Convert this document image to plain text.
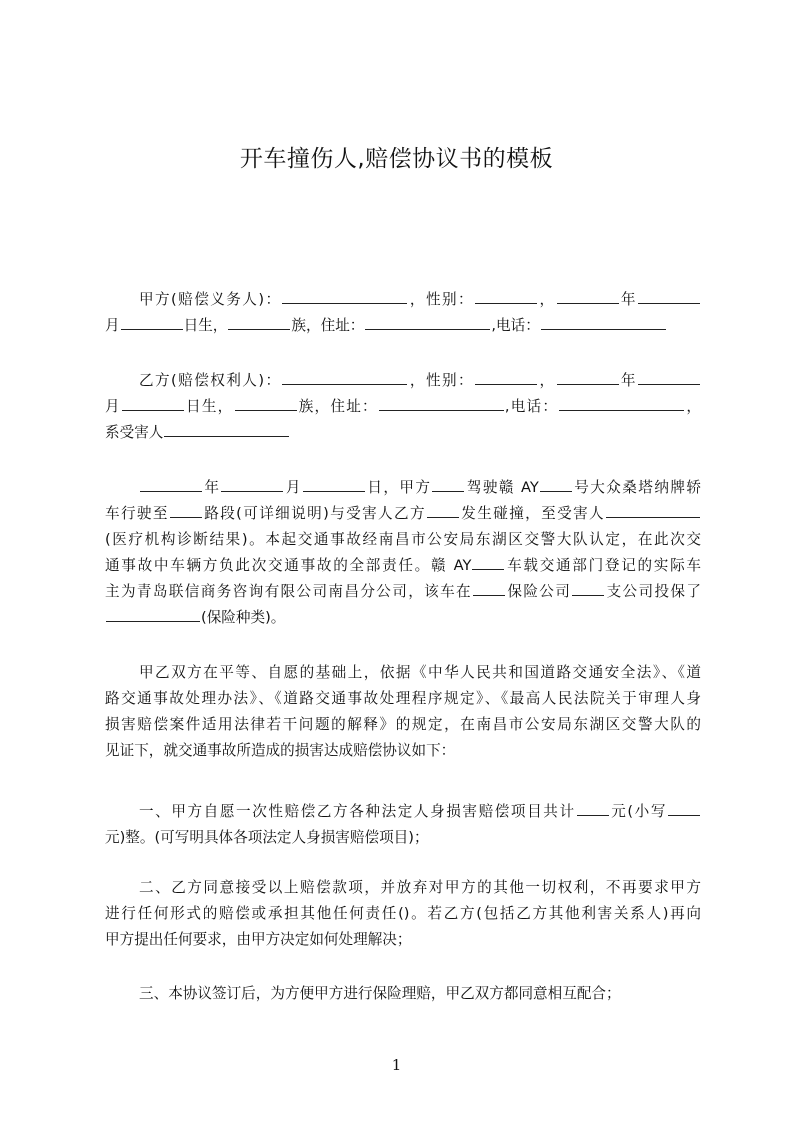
开车撞伤人,赔偿协议书的模板
甲方(赔偿义务人)：	，性别：	，	年
月	日生，	族，住址：	,电话：
乙方(赔偿权利人)：	，性别：	，	年
月	日生，	族，住址：	,电话：	，
系受害人
年	月	日，甲方 驾驶赣 AY 号大众桑塔纳牌轿
车行驶至 路段(可详细说明)与受害人乙方 发生碰撞，至受害人
(医疗机构诊断结果)。本起交通事故经南昌市公安局东湖区交警大队认定，在此次交
通事故中车辆方负此次交通事故的全部责任。赣 AY 车载交通部门登记的实际车
主为青岛联信商务咨询有限公司南昌分公司，该车在 保险公司 支公司投保了
(保险种类)。
甲乙双方在平等、自愿的基础上，依据《中华人民共和国道路交通安全法》、《道
路交通事故处理办法》、《道路交通事故处理程序规定》、《最高人民法院关于审理人身
损害赔偿案件适用法律若干问题的解释》的规定，在南昌市公安局东湖区交警大队的
见证下，就交通事故所造成的损害达成赔偿协议如下：
一、甲方自愿一次性赔偿乙方各种法定人身损害赔偿项目共计 元(小写
元)整。(可写明具体各项法定人身损害赔偿项目)；
二、乙方同意接受以上赔偿款项，并放弃对甲方的其他一切权利，不再要求甲方
进行任何形式的赔偿或承担其他任何责任()。若乙方(包括乙方其他利害关系人)再向
甲方提出任何要求，由甲方决定如何处理解决；
三、本协议签订后，为方便甲方进行保险理赔，甲乙双方都同意相互配合；
1
